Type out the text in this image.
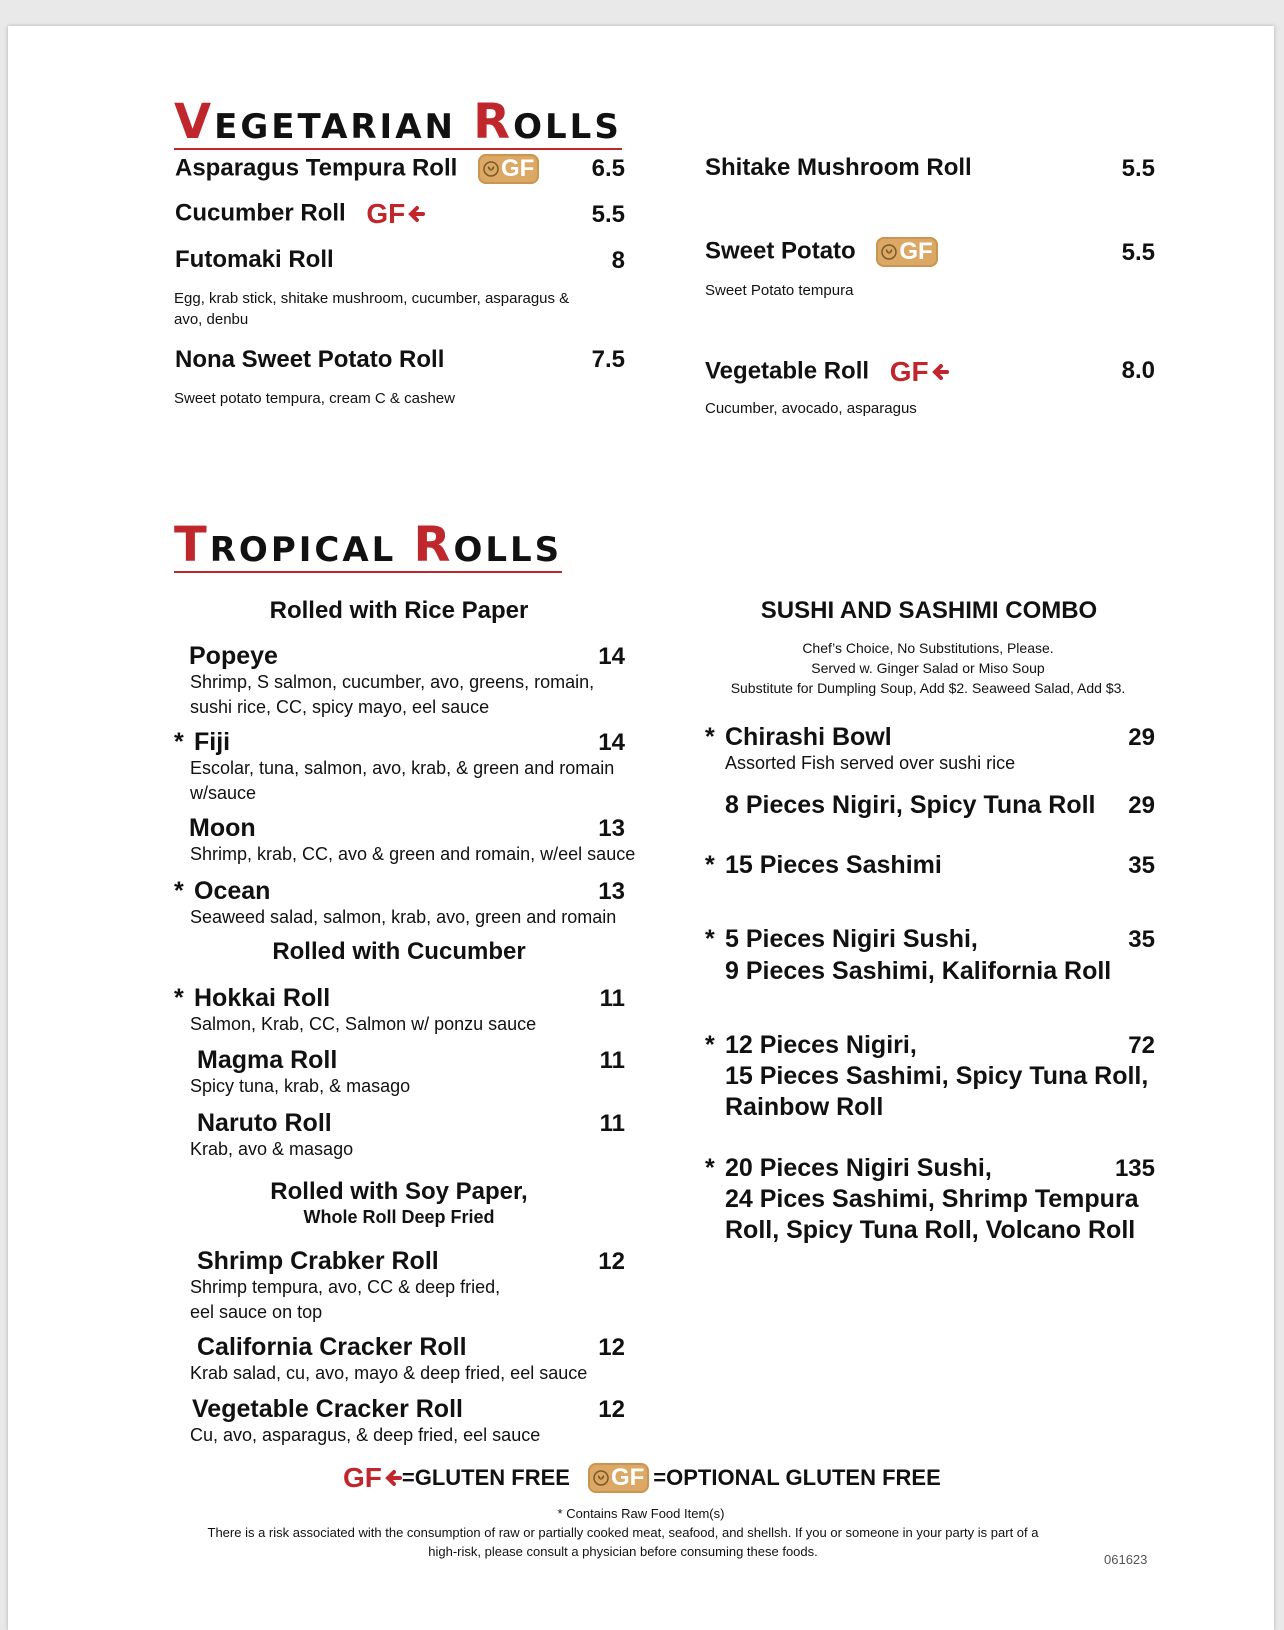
VEGETARIAN ROLLS
Asparagus Tempura Roll GF	6.5
Cucumber Roll GF	5.5
Futomaki Roll	8
Egg, krab stick, shitake mushroom, cucumber, asparagus & avo, denbu
Nona Sweet Potato Roll	7.5
Sweet potato tempura, cream C & cashew
Shitake Mushroom Roll	5.5
Sweet Potato GF	5.5
Sweet Potato tempura
Vegetable Roll GF	8.0
Cucumber, avocado, asparagus
TROPICAL ROLLS
Rolled with Rice Paper
Popeye	14
Shrimp, S salmon, cucumber, avo, greens, romain, sushi rice, CC, spicy mayo, eel sauce
* Fiji	14
Escolar, tuna, salmon, avo, krab, & green and romain w/sauce
Moon	13
Shrimp, krab, CC, avo & green and romain, w/eel sauce
* Ocean	13
Seaweed salad, salmon, krab, avo, green and romain
Rolled with Cucumber
* Hokkai Roll	11
Salmon, Krab, CC, Salmon w/ ponzu sauce
Magma Roll	11
Spicy tuna, krab, & masago
Naruto Roll	11
Krab, avo & masago
Rolled with Soy Paper,
Whole Roll Deep Fried
Shrimp Crabker Roll	12
Shrimp tempura, avo, CC & deep fried, eel sauce on top
California Cracker Roll	12
Krab salad, cu, avo, mayo & deep fried, eel sauce
Vegetable Cracker Roll	12
Cu, avo, asparagus, & deep fried, eel sauce
SUSHI AND SASHIMI COMBO
Chef’s Choice, No Substitutions, Please.
Served w. Ginger Salad or Miso Soup
Substitute for Dumpling Soup, Add $2. Seaweed Salad, Add $3.
* Chirashi Bowl	29
Assorted Fish served over sushi rice
8 Pieces Nigiri, Spicy Tuna Roll	29
* 15 Pieces Sashimi	35
* 5 Pieces Nigiri Sushi,
9 Pieces Sashimi, Kalifornia Roll
35
* 12 Pieces Nigiri,
15 Pieces Sashimi, Spicy Tuna Roll,
Rainbow Roll
72
* 20 Pieces Nigiri Sushi,
24 Pices Sashimi, Shrimp Tempura
Roll, Spicy Tuna Roll, Volcano Roll
135
GF =GLUTEN FREE GF =OPTIONAL GLUTEN FREE
* Contains Raw Food Item(s)
There is a risk associated with the consumption of raw or partially cooked meat, seafood, and shellsh. If you or someone in your party is part of a
high-risk, please consult a physician before consuming these foods.
061623
